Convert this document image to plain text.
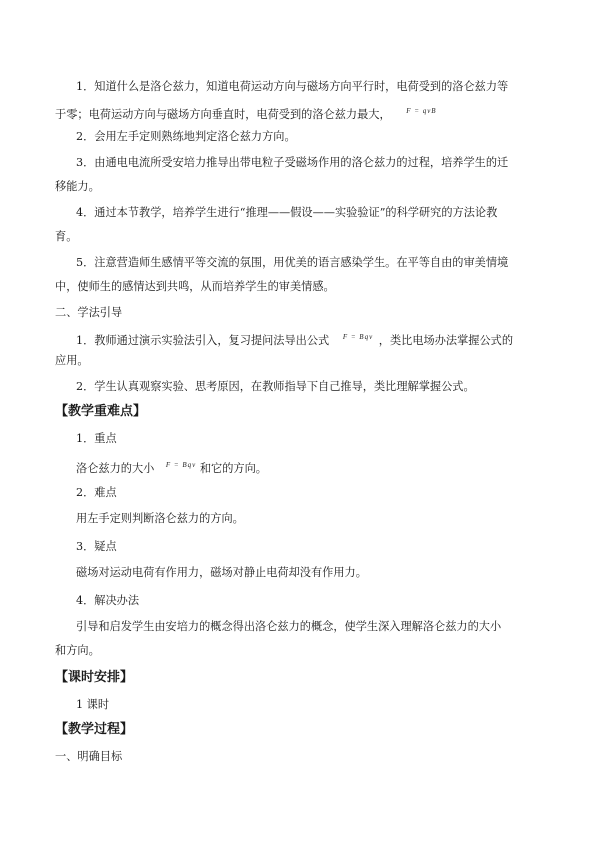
1．知道什么是洛仑兹力，知道电荷运动方向与磁场方向平行时，电荷受到的洛仑兹力等
于零；电荷运动方向与磁场方向垂直时，电荷受到的洛仑兹力最大， F = qvB
2．会用左手定则熟练地判定洛仑兹力方向。
3．由通电电流所受安培力推导出带电粒子受磁场作用的洛仑兹力的过程，培养学生的迁
移能力。
4．通过本节教学，培养学生进行“推理——假设——实验验证”的科学研究的方法论教
育。
5．注意营造师生感情平等交流的氛围，用优美的语言感染学生。在平等自由的审美情境
中，使师生的感情达到共鸣，从而培养学生的审美情感。
二、学法引导
1．教师通过演示实验法引入，复习提问法导出公式 F = Bqv ，类比电场办法掌握公式的
应用。
2．学生认真观察实验、思考原因，在教师指导下自己推导，类比理解掌握公式。
【教学重难点】
1．重点
洛仑兹力的大小 F = Bqv 和它的方向。
2．难点
用左手定则判断洛仑兹力的方向。
3．疑点
磁场对运动电荷有作用力，磁场对静止电荷却没有作用力。
4．解决办法
引导和启发学生由安培力的概念得出洛仑兹力的概念，使学生深入理解洛仑兹力的大小
和方向。
【课时安排】
1 课时
【教学过程】
一、明确目标
